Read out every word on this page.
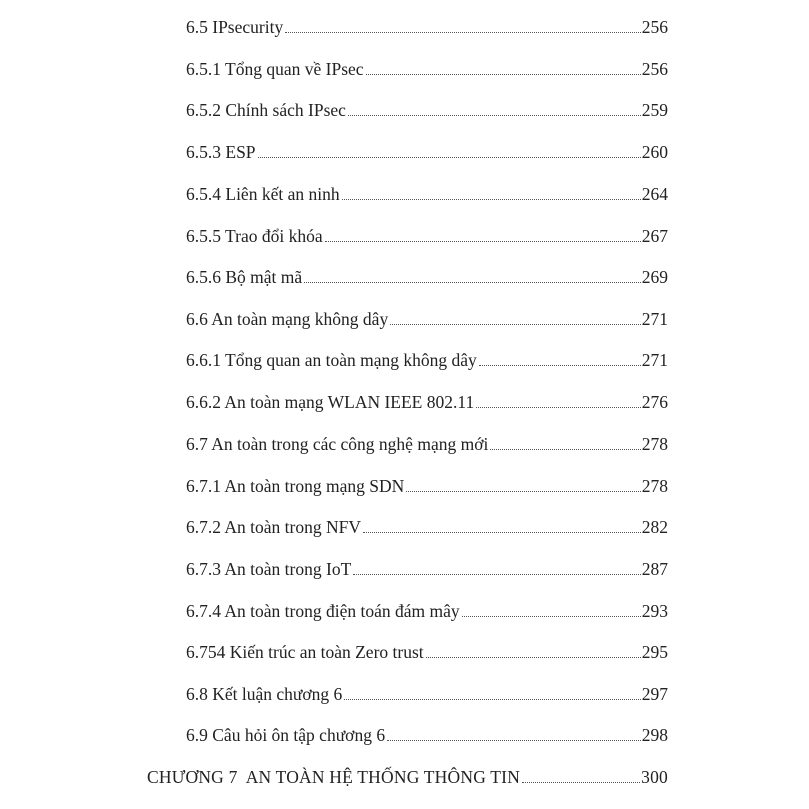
6.5 IPsecurity	256
6.5.1 Tổng quan về IPsec	256
6.5.2 Chính sách IPsec	259
6.5.3 ESP	260
6.5.4 Liên kết an ninh	264
6.5.5 Trao đổi khóa	267
6.5.6 Bộ mật mã	269
6.6 An toàn mạng không dây	271
6.6.1 Tổng quan an toàn mạng không dây	271
6.6.2 An toàn mạng WLAN IEEE 802.11	276
6.7 An toàn trong các công nghệ mạng mới	278
6.7.1 An toàn trong mạng SDN	278
6.7.2 An toàn trong NFV	282
6.7.3 An toàn trong IoT	287
6.7.4 An toàn trong điện toán đám mây	293
6.754 Kiến trúc an toàn Zero trust	295
6.8 Kết luận chương 6	297
6.9 Câu hỏi ôn tập chương 6	298
CHƯƠNG 7  AN TOÀN HỆ THỐNG THÔNG TIN	300
